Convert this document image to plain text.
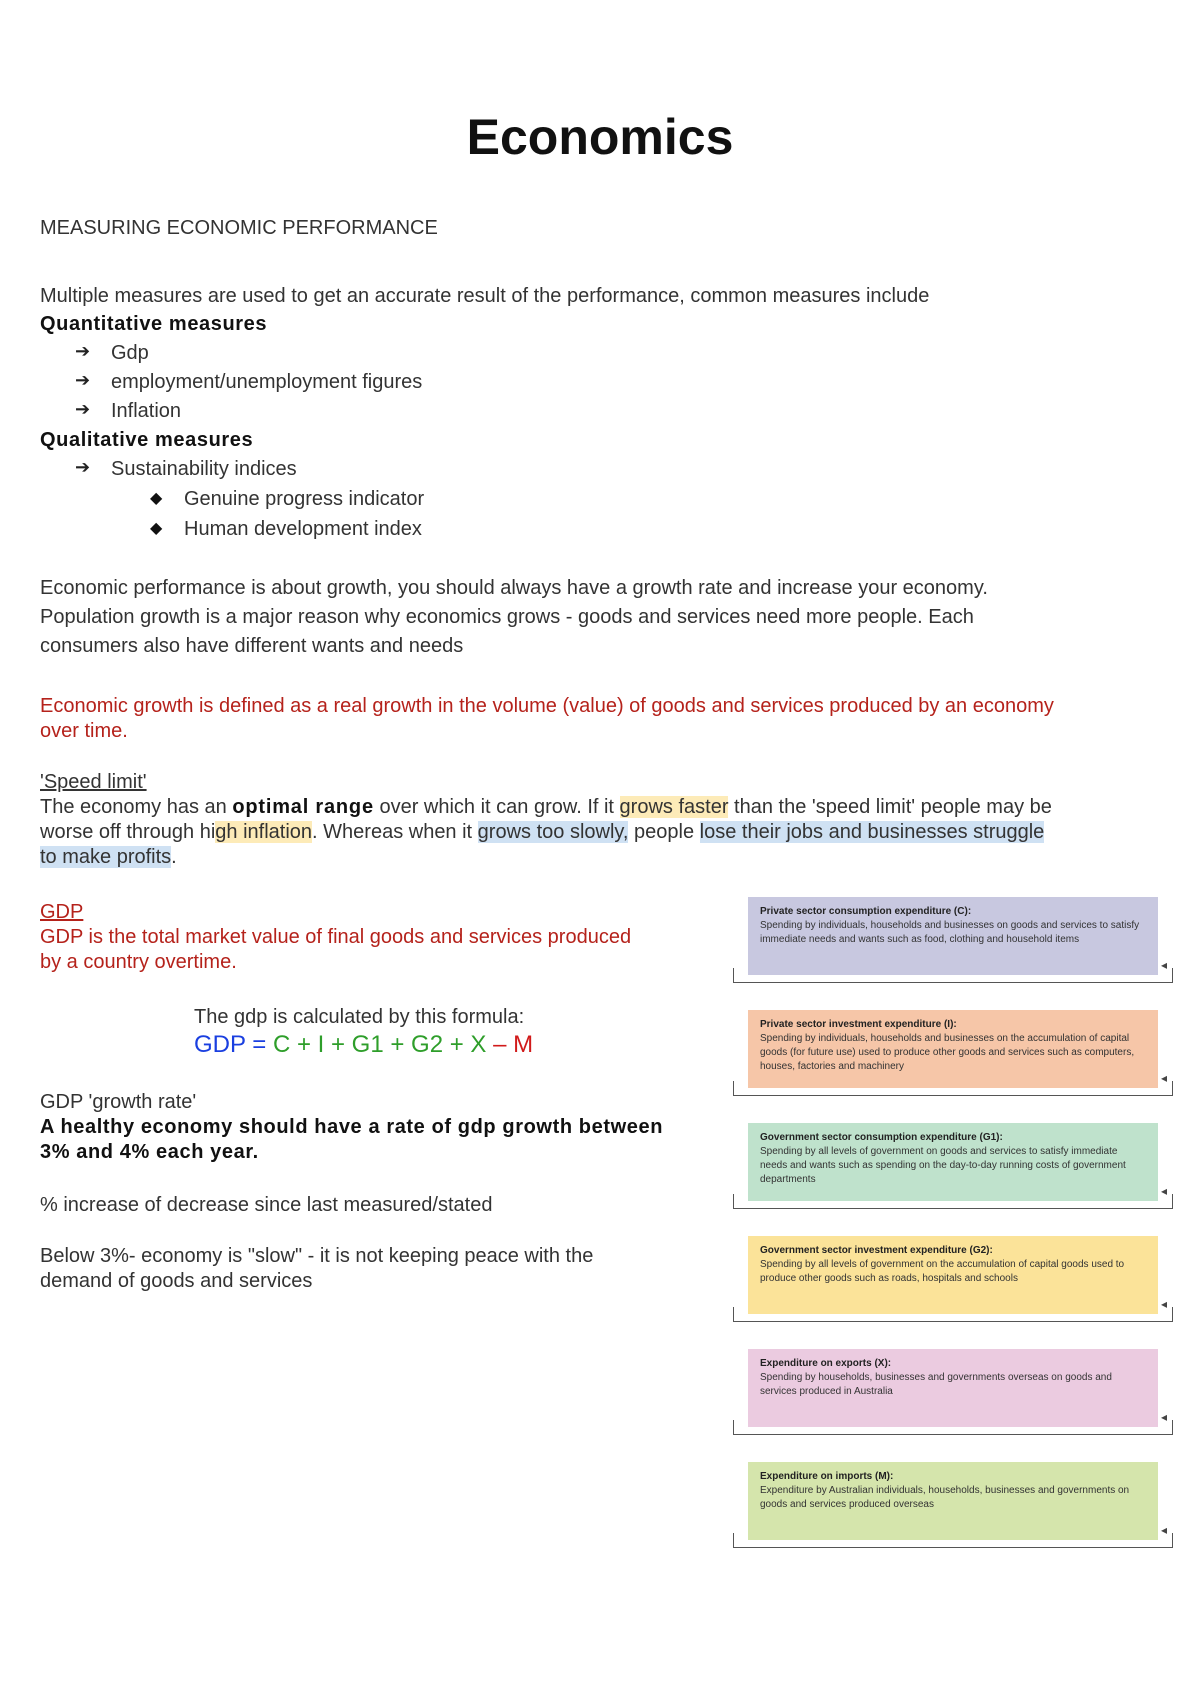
Economics
MEASURING ECONOMIC PERFORMANCE
Multiple measures are used to get an accurate result of the performance, common measures include
Quantitative measures
➔ Gdp
➔ employment/unemployment figures
➔ Inflation
Qualitative measures
➔ Sustainability indices
◆ Genuine progress indicator
◆ Human development index
Economic performance is about growth, you should always have a growth rate and increase your economy.
Population growth is a major reason why economics grows - goods and services need more people. Each
consumers also have different wants and needs
Economic growth is defined as a real growth in the volume (value) of goods and services produced by an economy
over time.
'Speed limit'
The economy has an optimal range over which it can grow. If it grows faster than the 'speed limit' people may be
worse off through high inflation. Whereas when it grows too slowly, people lose their jobs and businesses struggle
to make profits.
GDP
GDP is the total market value of final goods and services produced
by a country overtime.
The gdp is calculated by this formula:
GDP = C + I + G1 + G2 + X – M
GDP 'growth rate'
A healthy economy should have a rate of gdp growth between
3% and 4% each year.
% increase of decrease since last measured/stated
Below 3%- economy is "slow" - it is not keeping peace with the
demand of goods and services
Private sector consumption expenditure (C):
Spending by individuals, households and businesses on goods and services to satisfy immediate needs and wants such as food, clothing and household items
◂
Private sector investment expenditure (I):
Spending by individuals, households and businesses on the accumulation of capital goods (for future use) used to produce other goods and services such as computers, houses, factories and machinery
◂
Government sector consumption expenditure (G1):
Spending by all levels of government on goods and services to satisfy immediate needs and wants such as spending on the day-to-day running costs of government departments
◂
Government sector investment expenditure (G2):
Spending by all levels of government on the accumulation of capital goods used to produce other goods such as roads, hospitals and schools
◂
Expenditure on exports (X):
Spending by households, businesses and governments overseas on goods and services produced in Australia
◂
Expenditure on imports (M):
Expenditure by Australian individuals, households, businesses and governments on goods and services produced overseas
◂
